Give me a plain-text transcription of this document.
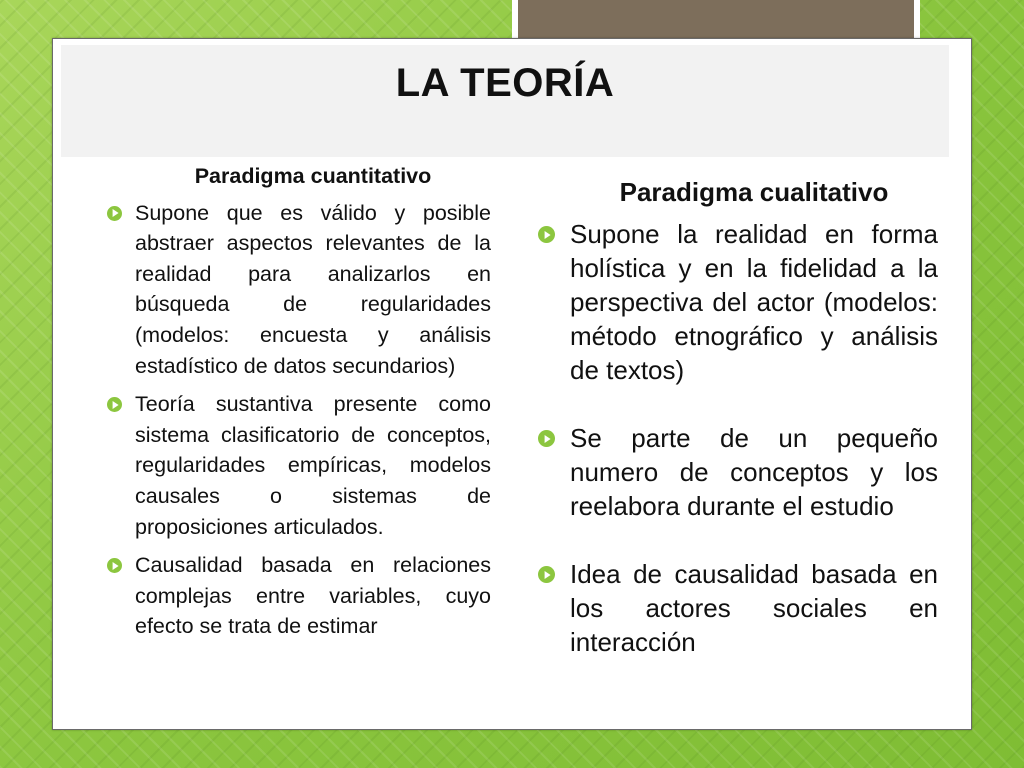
LA TEORÍA

Paradigma cuantitativo

Supone que es válido y posible abstraer aspectos relevantes de la realidad para analizarlos en búsqueda de regularidades (modelos: encuesta y análisis estadístico de datos secundarios)
Teoría sustantiva presente como sistema clasificatorio de conceptos, regularidades empíricas, modelos causales o sistemas de proposiciones articulados.
Causalidad basada en relaciones complejas entre variables, cuyo efecto se trata de estimar

Paradigma cualitativo

Supone la realidad en forma holística y en la fidelidad a la perspectiva del actor (modelos: método etnográfico y análisis de textos)
Se parte de un pequeño numero de conceptos y los reelabora durante el estudio
Idea de causalidad basada en los actores sociales en interacción
